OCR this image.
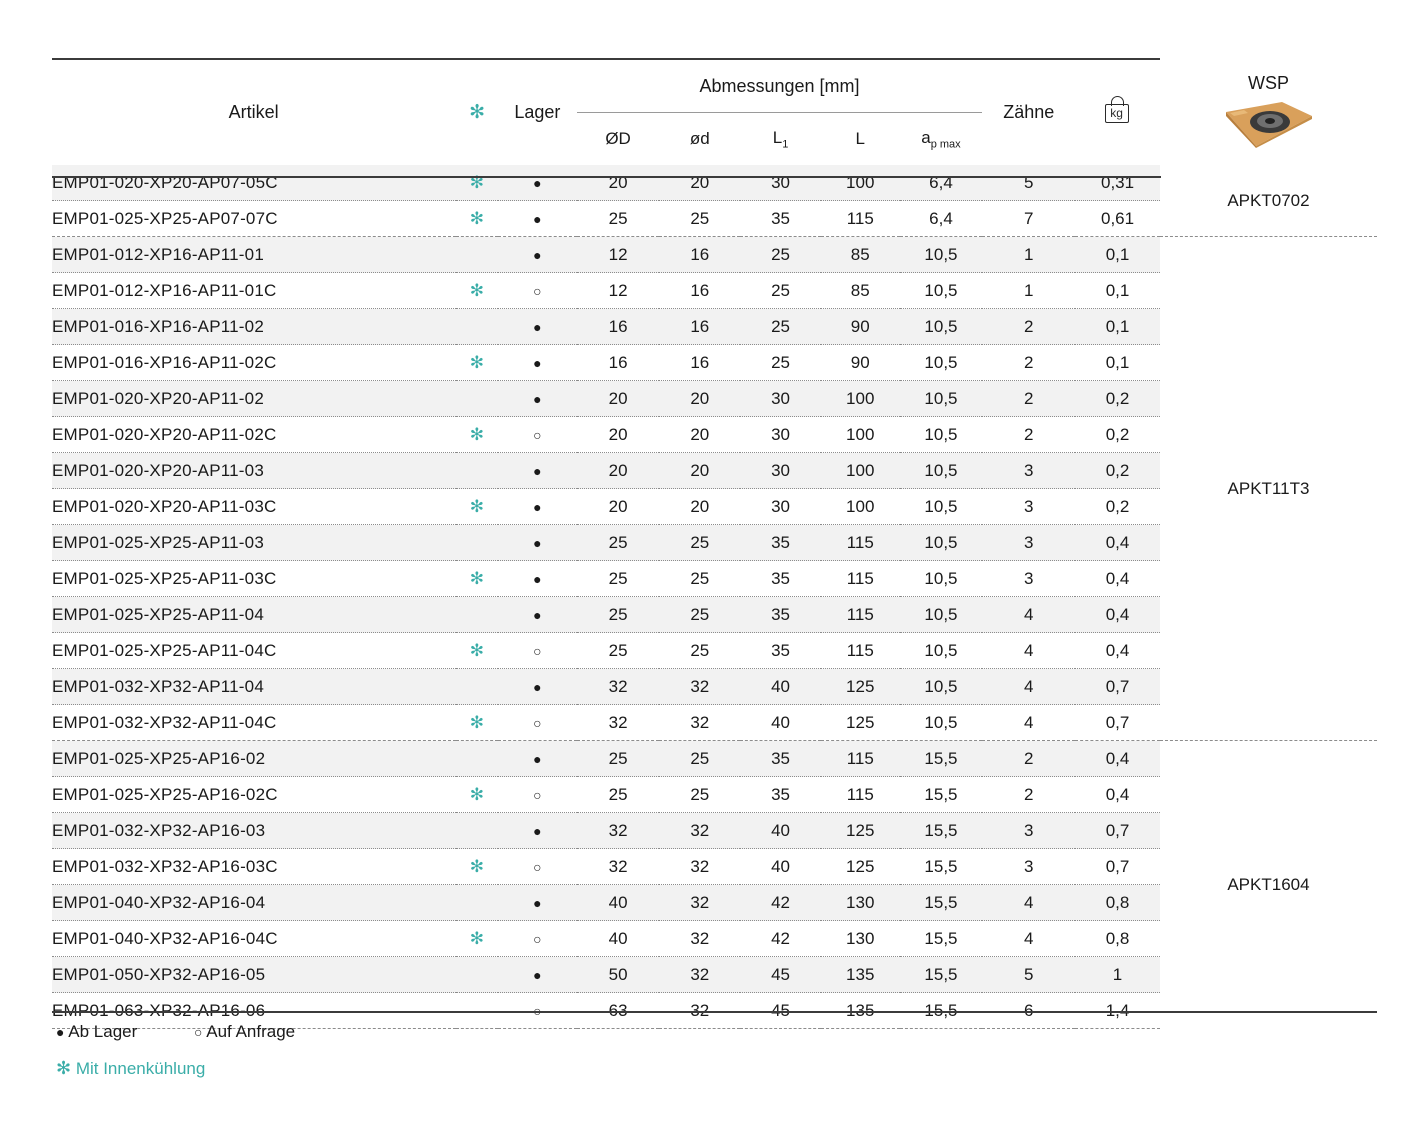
Artikel	✻	Lager	Abmessungen [mm]					Zähne	kg	WSP

			ØD	ød	$L_1$	L	$a_{p max}$
EMP01-020-XP20-AP07-05C	✻	●	20	20	30	100	6,4	5	0,31	APKT0702
EMP01-025-XP25-AP07-07C	✻	●	25	25	35	115	6,4	7	0,61	
EMP01-012-XP16-AP11-01		●	12	16	25	85	10,5	1	0,1	APKT11T3
EMP01-012-XP16-AP11-01C	✻	○	12	16	25	85	10,5	1	0,1	
EMP01-016-XP16-AP11-02		●	16	16	25	90	10,5	2	0,1	
EMP01-016-XP16-AP11-02C	✻	●	16	16	25	90	10,5	2	0,1	
EMP01-020-XP20-AP11-02		●	20	20	30	100	10,5	2	0,2	
EMP01-020-XP20-AP11-02C	✻	○	20	20	30	100	10,5	2	0,2	
EMP01-020-XP20-AP11-03		●	20	20	30	100	10,5	3	0,2	
EMP01-020-XP20-AP11-03C	✻	●	20	20	30	100	10,5	3	0,2	
EMP01-025-XP25-AP11-03		●	25	25	35	115	10,5	3	0,4	
EMP01-025-XP25-AP11-03C	✻	●	25	25	35	115	10,5	3	0,4	
EMP01-025-XP25-AP11-04		●	25	25	35	115	10,5	4	0,4	
EMP01-025-XP25-AP11-04C	✻	○	25	25	35	115	10,5	4	0,4	
EMP01-032-XP32-AP11-04		●	32	32	40	125	10,5	4	0,7	
EMP01-032-XP32-AP11-04C	✻	○	32	32	40	125	10,5	4	0,7	
EMP01-025-XP25-AP16-02		●	25	25	35	115	15,5	2	0,4	APKT1604
EMP01-025-XP25-AP16-02C	✻	○	25	25	35	115	15,5	2	0,4	
EMP01-032-XP32-AP16-03		●	32	32	40	125	15,5	3	0,7	
EMP01-032-XP32-AP16-03C	✻	○	32	32	40	125	15,5	3	0,7	
EMP01-040-XP32-AP16-04		●	40	32	42	130	15,5	4	0,8	
EMP01-040-XP32-AP16-04C	✻	○	40	32	42	130	15,5	4	0,8	
EMP01-050-XP32-AP16-05		●	50	32	45	135	15,5	5	1	
EMP01-063-XP32-AP16-06		○	63	32	45	135	15,5	6	1,4	
● Ab Lager	○ Auf Anfrage
✻ Mit Innenkühlung
